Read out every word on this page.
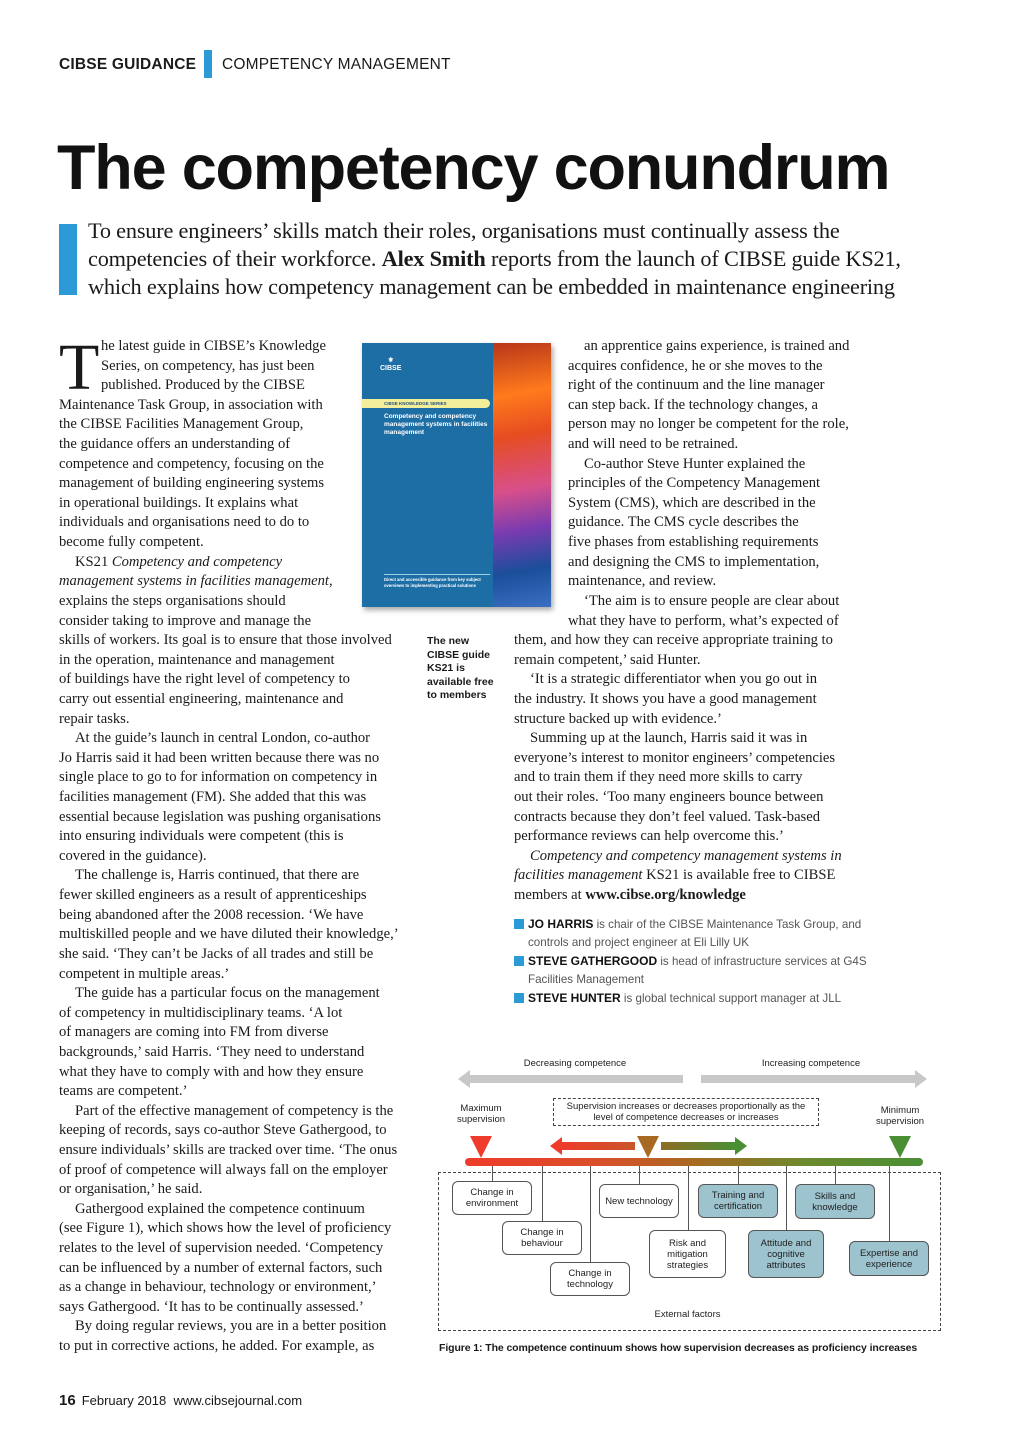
CIBSE GUIDANCE COMPETENCY MANAGEMENT
The competency conundrum
To ensure engineers’ skills match their roles, organisations must continually assess the
competencies of their workforce. Alex Smith reports from the launch of CIBSE guide KS21,
which explains how competency management can be embedded in maintenance engineering
T he latest guide in CIBSE’s Knowledge
Series, on competency, has just been
published. Produced by the CIBSE
Maintenance Task Group, in association with
the CIBSE Facilities Management Group,
the guidance offers an understanding of
competence and competency, focusing on the
management of building engineering systems
in operational buildings. It explains what
individuals and organisations need to do to
become fully competent.
KS21 Competency and competency
management systems in facilities management,
explains the steps organisations should
consider taking to improve and manage the
skills of workers. Its goal is to ensure that those involved
in the operation, maintenance and management
of buildings have the right level of competency to
carry out essential engineering, maintenance and
repair tasks.
At the guide’s launch in central London, co-author
Jo Harris said it had been written because there was no
single place to go to for information on competency in
facilities management (FM). She added that this was
essential because legislation was pushing organisations
into ensuring individuals were competent (this is
covered in the guidance).
The challenge is, Harris continued, that there are
fewer skilled engineers as a result of apprenticeships
being abandoned after the 2008 recession. ‘We have
multiskilled people and we have diluted their knowledge,’
she said. ‘They can’t be Jacks of all trades and still be
competent in multiple areas.’
The guide has a particular focus on the management
of competency in multidisciplinary teams. ‘A lot
of managers are coming into FM from diverse
backgrounds,’ said Harris. ‘They need to understand
what they have to comply with and how they ensure
teams are competent.’
Part of the effective management of competency is the
keeping of records, says co-author Steve Gathergood, to
ensure individuals’ skills are tracked over time. ‘The onus
of proof of competence will always fall on the employer
or organisation,’ he said.
Gathergood explained the competence continuum
(see Figure 1), which shows how the level of proficiency
relates to the level of supervision needed. ‘Competency
can be influenced by a number of external factors, such
as a change in behaviour, technology or environment,’
says Gathergood. ‘It has to be continually assessed.’
By doing regular reviews, you are in a better position
to put in corrective actions, he added. For example, as
an apprentice gains experience, is trained and
acquires confidence, he or she moves to the
right of the continuum and the line manager
can step back. If the technology changes, a
person may no longer be competent for the role,
and will need to be retrained.
Co-author Steve Hunter explained the
principles of the Competency Management
System (CMS), which are described in the
guidance. The CMS cycle describes the
five phases from establishing requirements
and designing the CMS to implementation,
maintenance, and review.
‘The aim is to ensure people are clear about
what they have to perform, what’s expected of
them, and how they can receive appropriate training to
remain competent,’ said Hunter.
‘It is a strategic differentiator when you go out in
the industry. It shows you have a good management
structure backed up with evidence.’
Summing up at the launch, Harris said it was in
everyone’s interest to monitor engineers’ competencies
and to train them if they need more skills to carry
out their roles. ‘Too many engineers bounce between
contracts because they don’t feel valued. Task-based
performance reviews can help overcome this.’
Competency and competency management systems in
facilities management KS21 is available free to CIBSE
members at www.cibse.org/knowledge
⚜
CIBSE
CIBSE KNOWLEDGE SERIES
Competency and competency management systems in facilities management
Direct and accessible guidance from key subject overviews to implementing practical solutions
The new CIBSE guide KS21 is available free to members
JO HARRIS is chair of the CIBSE Maintenance Task Group, and
controls and project engineer at Eli Lilly UK
STEVE GATHERGOOD is head of infrastructure services at G4S
Facilities Management
STEVE HUNTER is global technical support manager at JLL
Decreasing competence	Increasing competence
Maximum supervision
Minimum supervision
Supervision increases or decreases proportionally as the level of competence decreases or increases
Change in environment
Change in behaviour
Change in technology
New technology
Risk and mitigation strategies
Training and certification
Attitude and cognitive attributes
Skills and knowledge
Expertise and experience
External factors
Figure 1: The competence continuum shows how supervision decreases as proficiency increases
16 February 2018 www.cibsejournal.com
